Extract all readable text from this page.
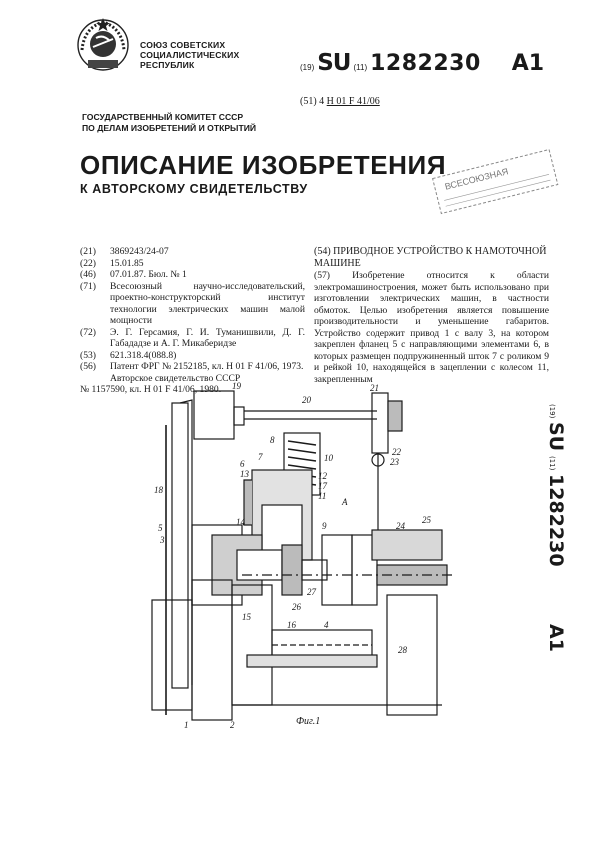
СОЮЗ СОВЕТСКИХ
СОЦИАЛИСТИЧЕСКИХ
РЕСПУБЛИК	(19) SU (11) 1282230 A1
(51) 4 H 01 F 41/06
ГОСУДАРСТВЕННЫЙ КОМИТЕТ СССР
ПО ДЕЛАМ ИЗОБРЕТЕНИЙ И ОТКРЫТИЙ
ОПИСАНИЕ ИЗОБРЕТЕНИЯ
К АВТОРСКОМУ СВИДЕТЕЛЬСТВУ	ВСЕСОЮЗНАЯ
(21)	3869243/24-07
(22)	15.01.85
(46)	07.01.87. Бюл. № 1
(71)	Всесоюзный научно-исследовательский, проектно-конструкторский институт технологии электрических машин малой мощности
(72)	Э. Г. Герсамия, Г. И. Туманишвили, Д. Г. Габададзе и А. Г. Микаберидзе
(53)	621.318.4(088.8)
(56)	Патент ФРГ № 2152185, кл. H 01 F 41/06, 1973.
Авторское свидетельство СССР
№ 1157590, кл. H 01 F 41/06, 1980.
(54) ПРИВОДНОЕ УСТРОЙСТВО К НАМОТОЧНОЙ МАШИНЕ
(57) Изобретение относится к области электромашиностроения, может быть использовано при изготовлении электрических машин, в частности обмоток. Целью изобретения является повышение производительности и уменьшение габаритов. Устройство содержит привод 1 с валу 3, на котором закреплен фланец 5 с направляющими элементами 6, в которых размещен подпружиненный шток 7 с роликом 9 и рейкой 10, находящейся в зацеплении с колесом 11, закрепленным
(19)
SU
(11)
1282230
A1
19
20
21
22
23
18
6
8
7	10
13	12
17
11
14
A
9
5
3
24
25
26
27
15
16	4
28
1	2	Фиг.1
